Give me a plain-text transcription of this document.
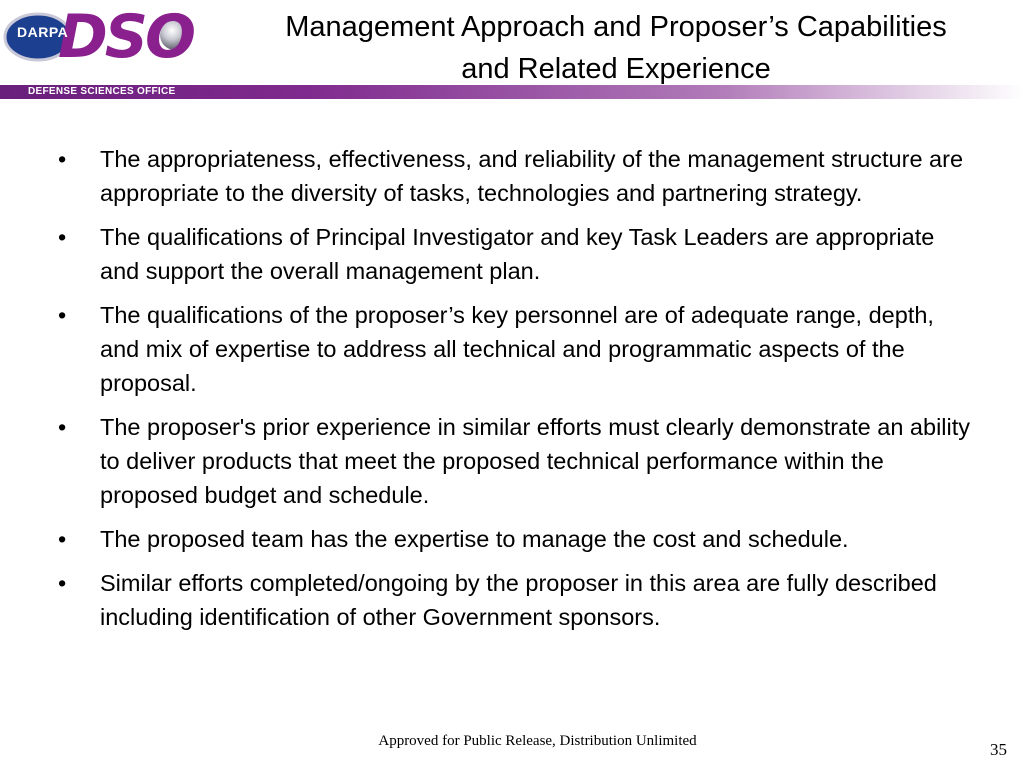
DSO
DARPA
DEFENSE SCIENCES OFFICE
Management Approach and Proposer’s Capabilities
and Related Experience
• The appropriateness, effectiveness, and reliability of the management structure are appropriate to the diversity of tasks, technologies and partnering strategy.
• The qualifications of Principal Investigator and key Task Leaders are appropriate and support the overall management plan.
• The qualifications of the proposer’s key personnel are of adequate range, depth, and mix of expertise to address all technical and programmatic aspects of the proposal.
• The proposer's prior experience in similar efforts must clearly demonstrate an ability to deliver products that meet the proposed technical performance within the proposed budget and schedule.
• The proposed team has the expertise to manage the cost and schedule.
• Similar efforts completed/ongoing by the proposer in this area are fully described including identification of other Government sponsors.
Approved for Public Release, Distribution Unlimited	35
